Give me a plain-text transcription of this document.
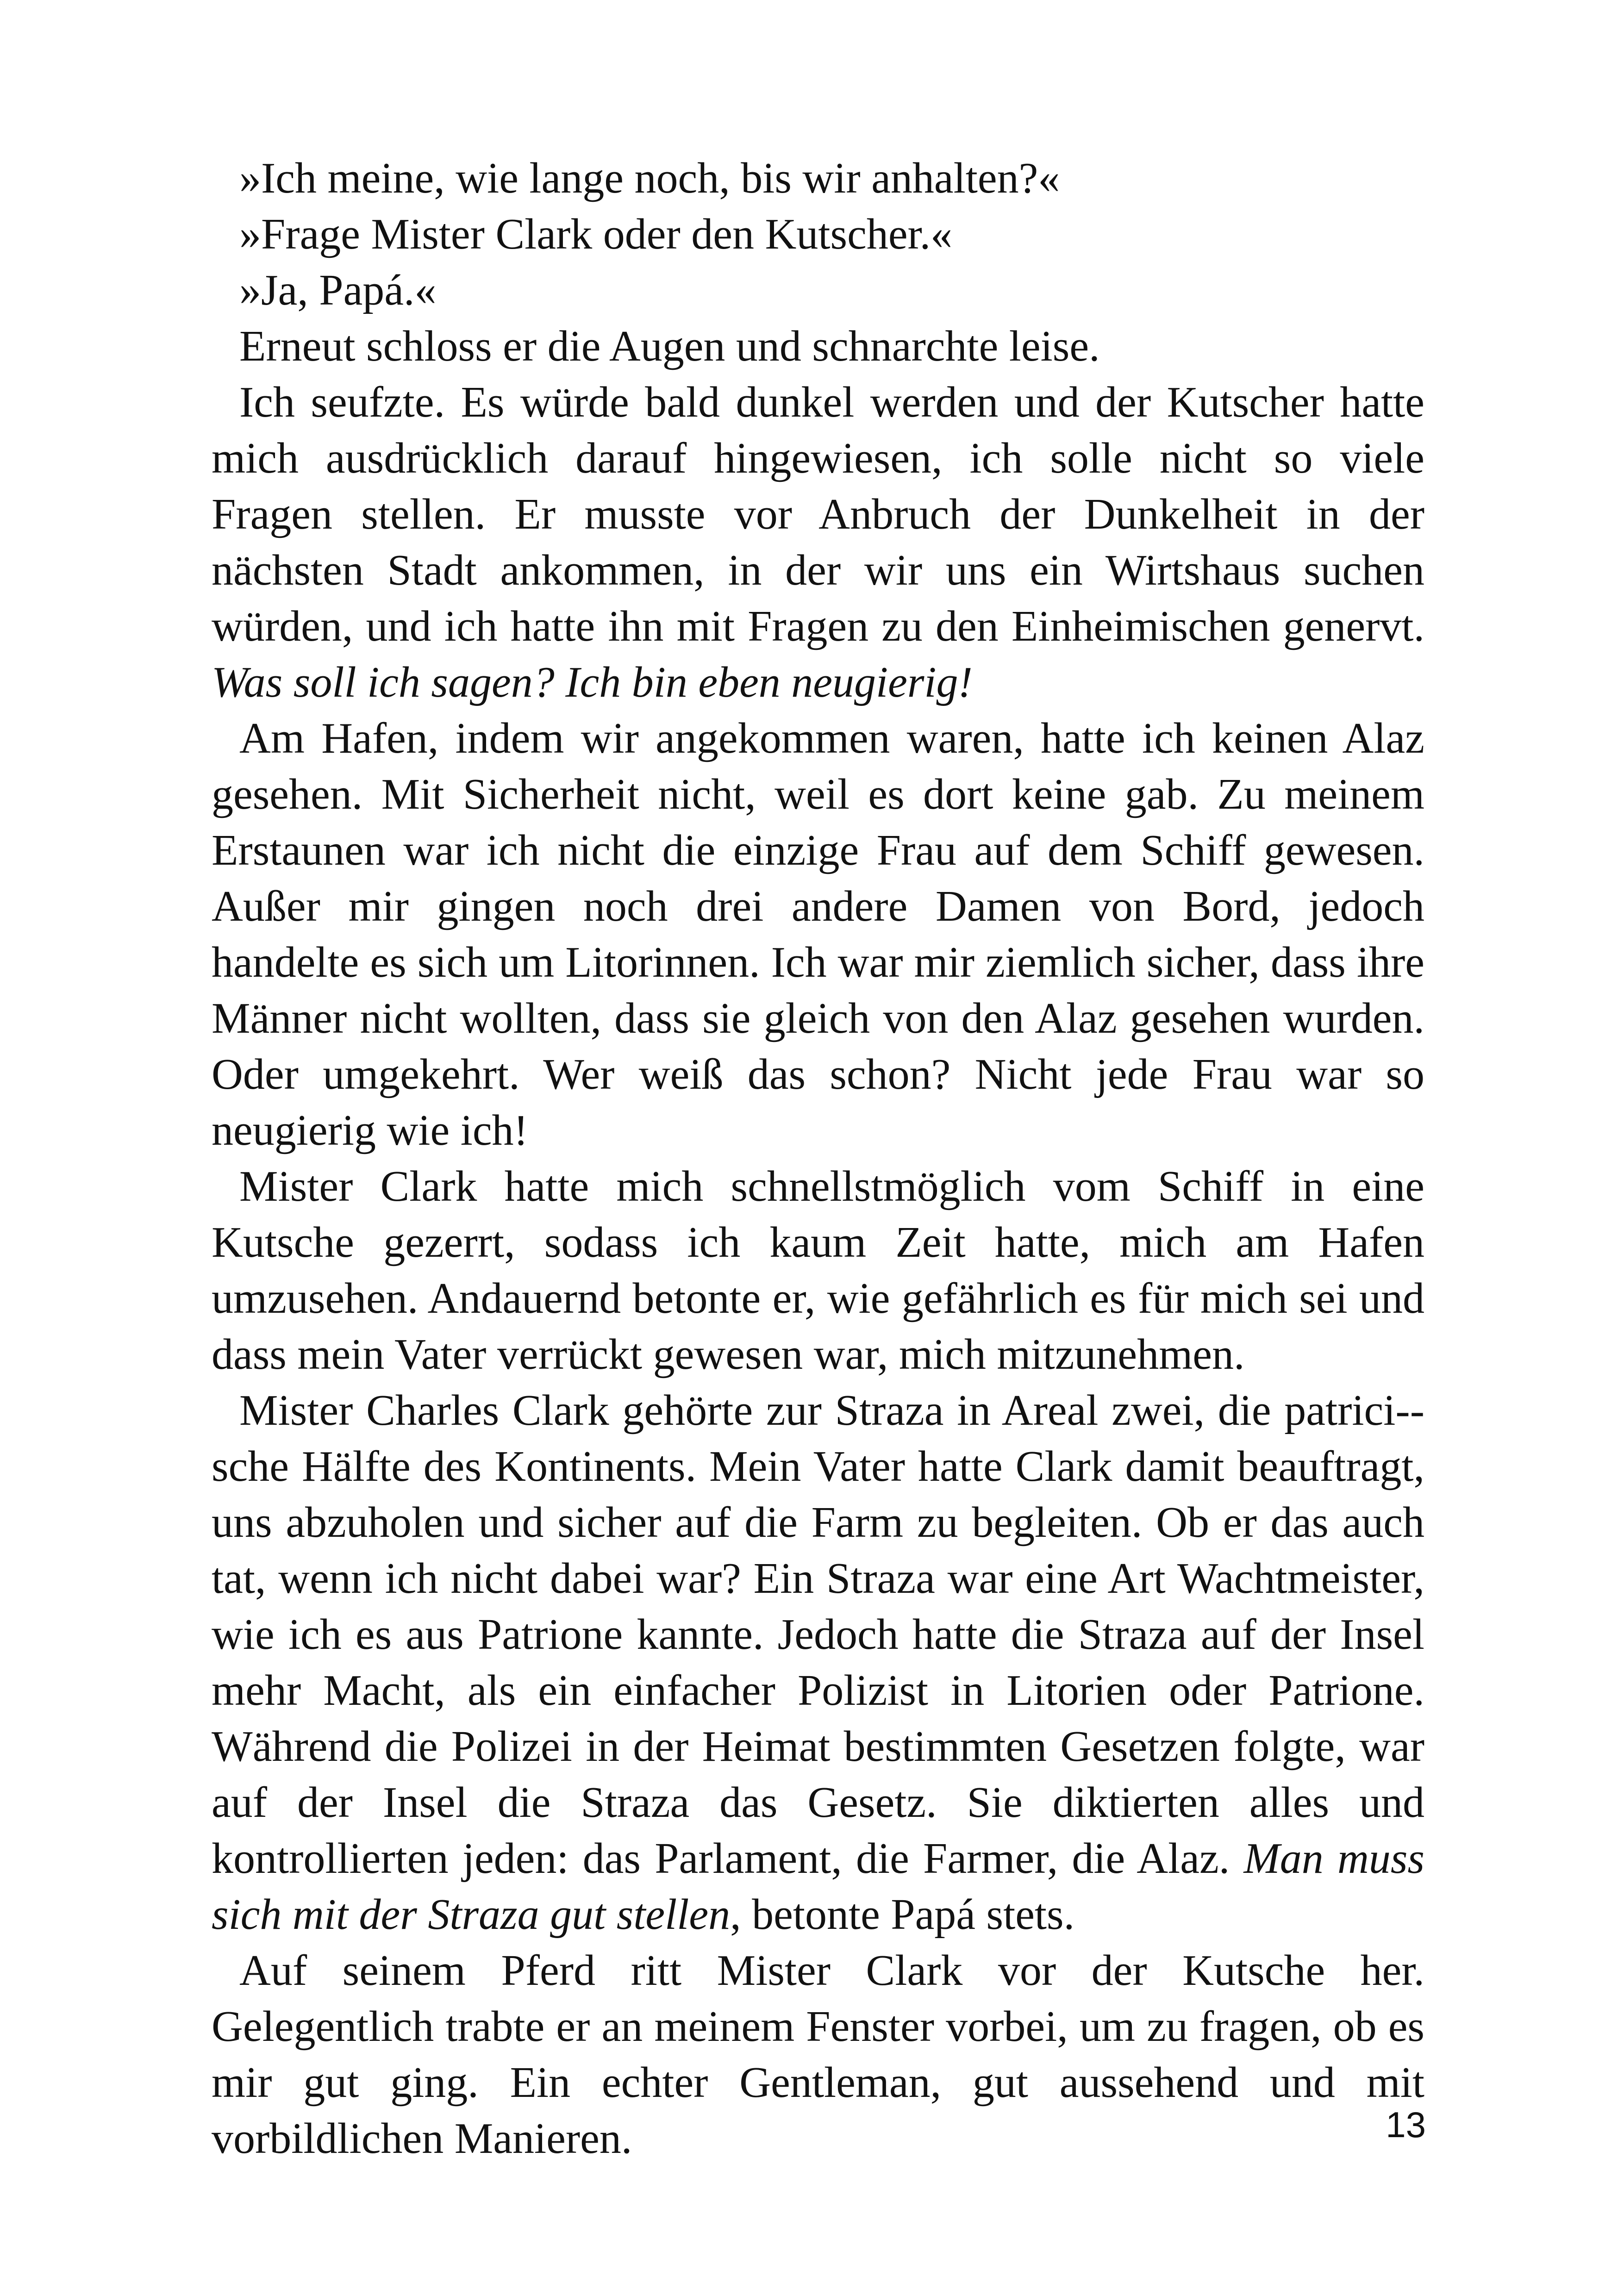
»Ich meine, wie lange noch, bis wir anhalten?«

»Frage Mister Clark oder den Kutscher.«

»Ja, Papá.«

Erneut schloss er die Augen und schnarchte leise.

Ich seufzte. Es würde bald dunkel werden und der Kutscher hatte mich ausdrücklich darauf hingewiesen, ich solle nicht so viele Fragen stellen. Er musste vor Anbruch der Dunkelheit in der nächsten Stadt ankommen, in der wir uns ein Wirtshaus suchen würden, und ich hatte ihn mit Fragen zu den Einheimischen genervt. Was soll ich sagen? Ich bin eben neugierig!

Am Hafen, indem wir angekommen waren, hatte ich keinen Alaz gesehen. Mit Sicherheit nicht, weil es dort keine gab. Zu meinem Erstaunen war ich nicht die einzige Frau auf dem Schiff gewesen. Außer mir gingen noch drei andere Damen von Bord, jedoch handelte es sich um Litorinnen. Ich war mir ziemlich sicher, dass ihre Männer nicht wollten, dass sie gleich von den Alaz gesehen wurden. Oder umgekehrt. Wer weiß das schon? Nicht jede Frau war so neugierig wie ich!

Mister Clark hatte mich schnellstmöglich vom Schiff in eine Kutsche gezerrt, sodass ich kaum Zeit hatte, mich am Hafen umzusehen. Andauernd betonte er, wie gefährlich es für mich sei und dass mein Vater verrückt gewesen war, mich mitzunehmen.

Mister Charles Clark gehörte zur Straza in Areal zwei, die patrici-sche Hälfte des Kontinents. Mein Vater hatte Clark damit beauftragt, uns abzuholen und sicher auf die Farm zu begleiten. Ob er das auch tat, wenn ich nicht dabei war? Ein Straza war eine Art Wachtmeister, wie ich es aus Patrione kannte. Jedoch hatte die Straza auf der Insel mehr Macht, als ein einfacher Polizist in Litorien oder Patrione. Während die Polizei in der Heimat bestimmten Gesetzen folgte, war auf der Insel die Straza das Gesetz. Sie diktierten alles und kontrollierten jeden: das Parlament, die Farmer, die Alaz. Man muss sich mit der Straza gut stellen, betonte Papá stets.

Auf seinem Pferd ritt Mister Clark vor der Kutsche her. Gelegentlich trabte er an meinem Fenster vorbei, um zu fragen, ob es mir gut ging. Ein echter Gentleman, gut aussehend und mit vorbildlichen Manieren.	13
